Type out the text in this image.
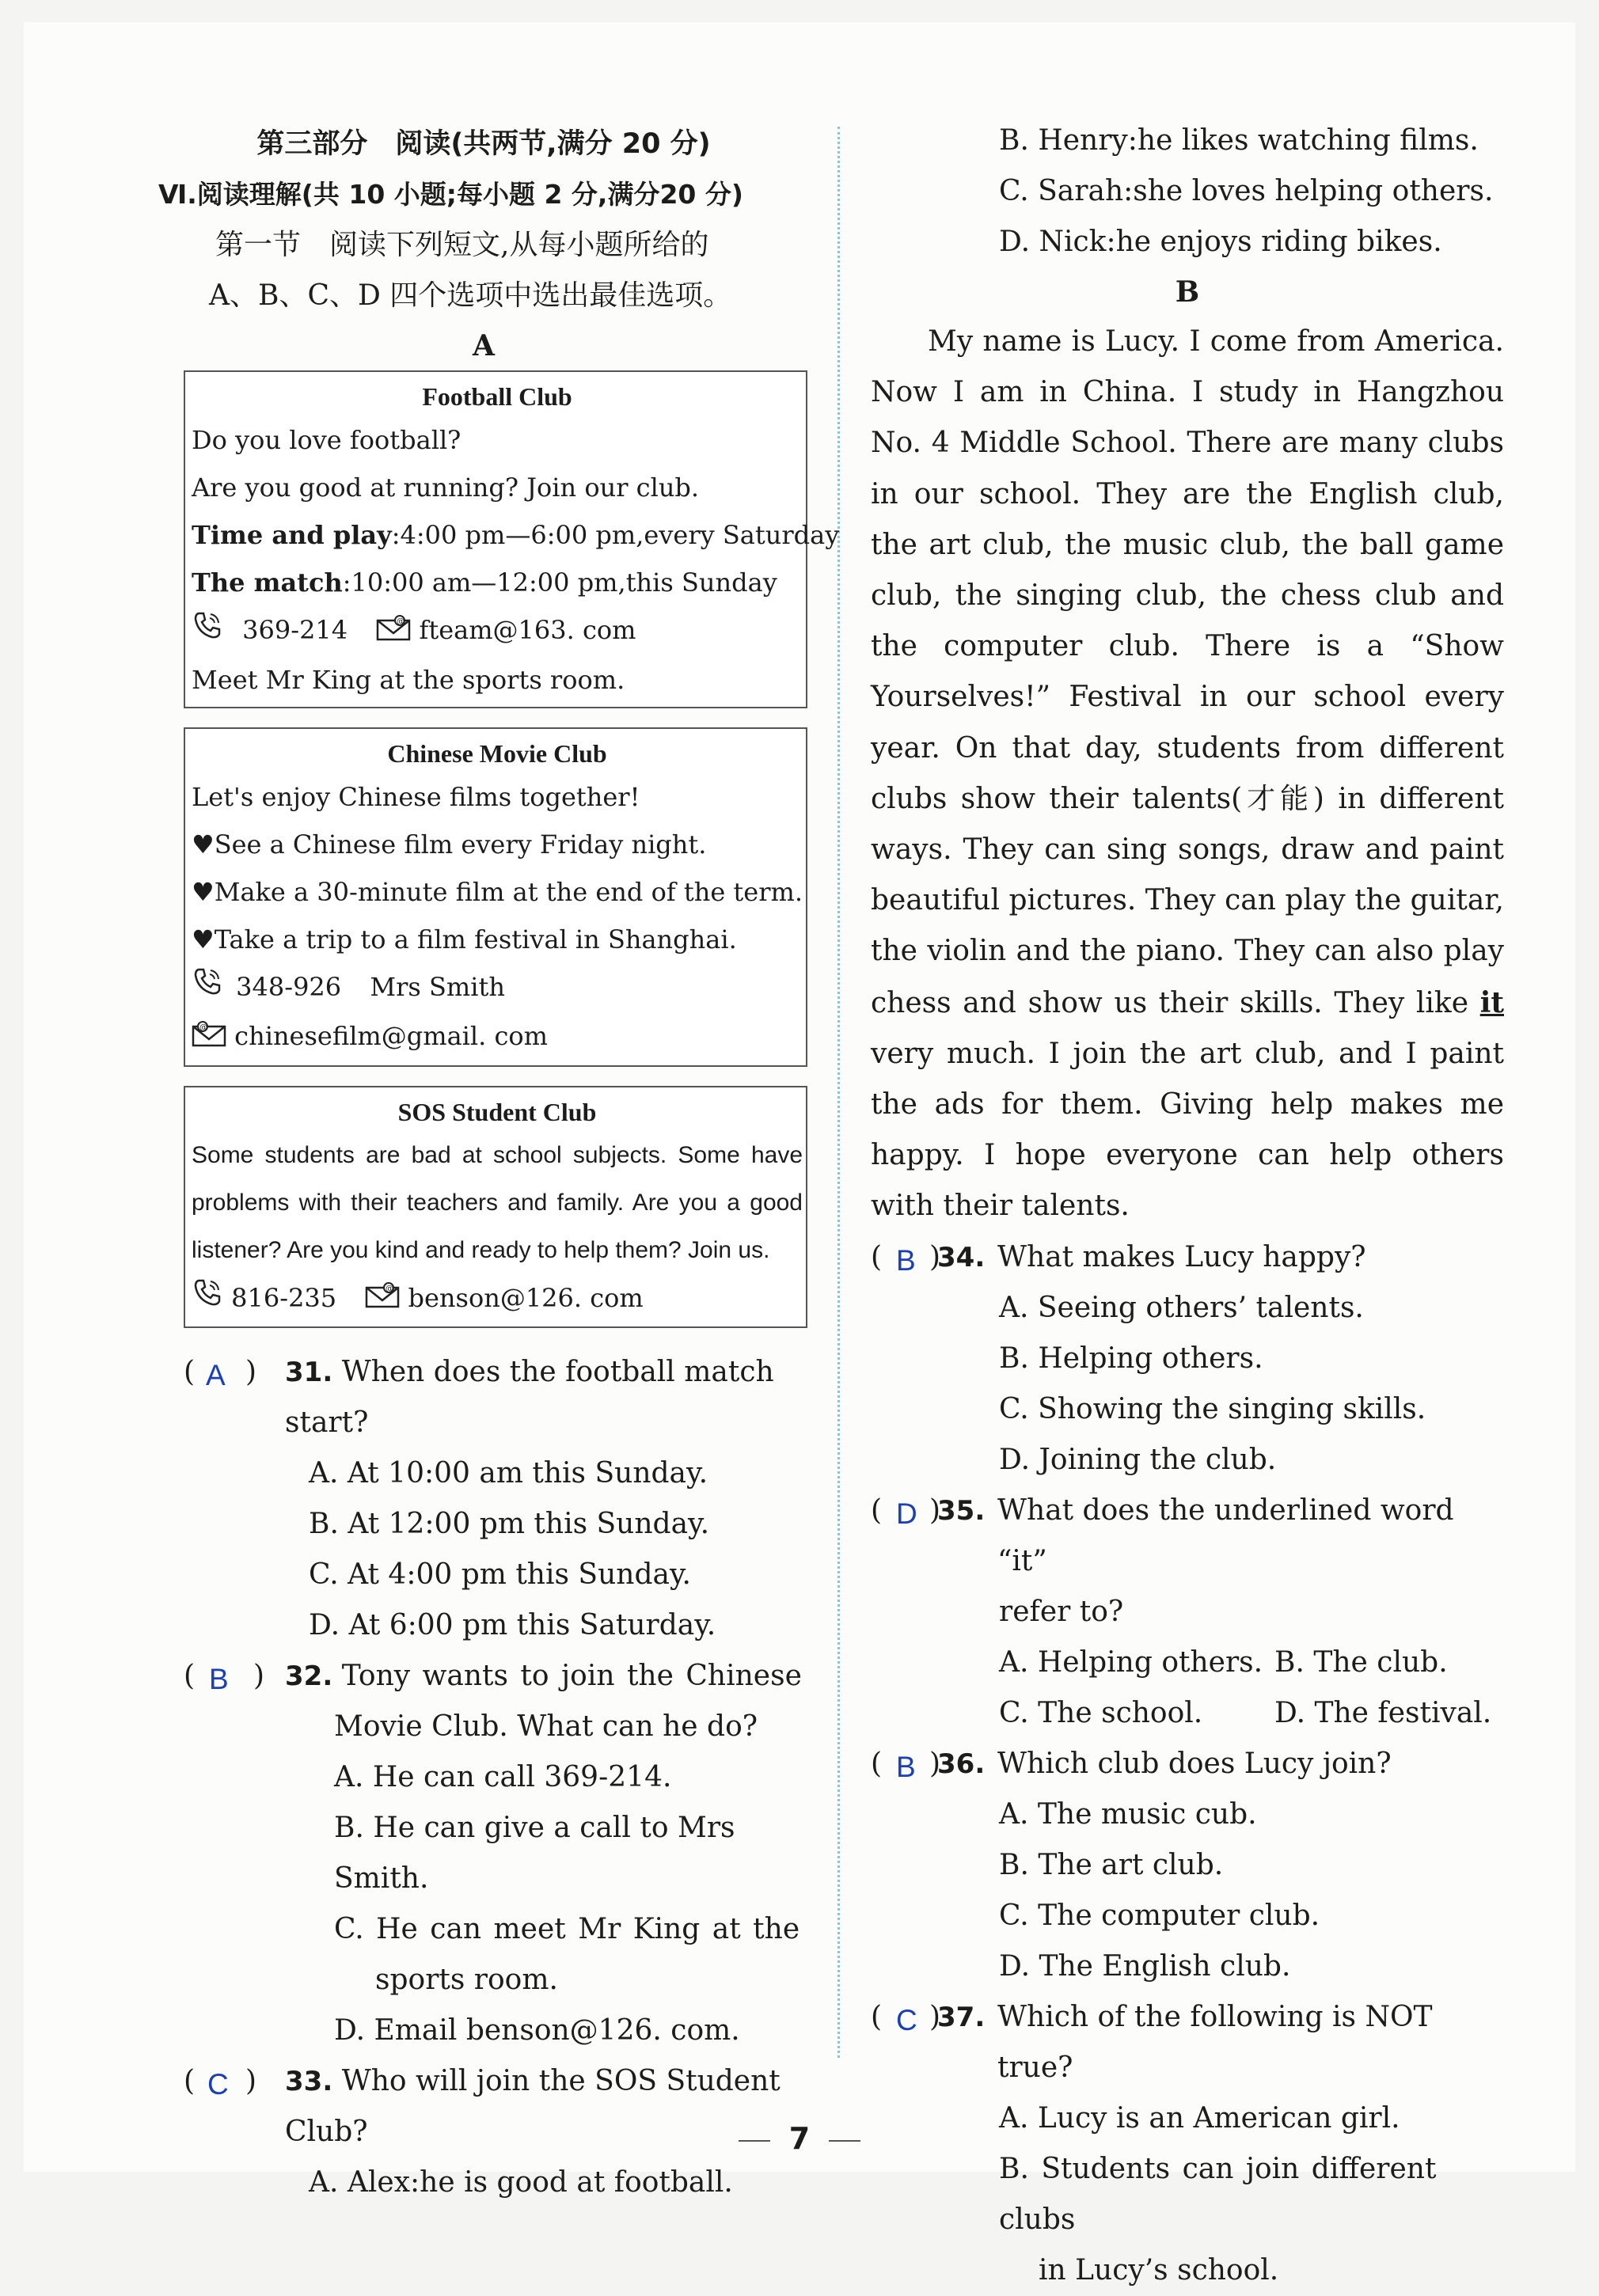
第三部分　阅读(共两节,满分 20 分)
Ⅵ.阅读理解(共 10 小题;每小题 2 分,满分20 分)
第一节　阅读下列短文,从每小题所给的
A、B、C、D 四个选项中选出最佳选项。
A
Football Club
Do you love football?
Are you good at running? Join our club.
Time and play:4:00 pm—6:00 pm,every Saturday
The match:10:00 am—12:00 pm,this Sunday
369-214	@ fteam@163. com
Meet Mr King at the sports room.
Chinese Movie Club
Let's enjoy Chinese films together!
♥See a Chinese film every Friday night.
♥Make a 30-minute film at the end of the term.
♥Take a trip to a film festival in Shanghai.
348-926 Mrs Smith
@ chinesefilm@gmail. com
SOS Student Club
Some students are bad at school subjects. Some have problems with their teachers and family. Are you a good listener? Are you kind and ready to help them? Join us.
816-235	@ benson@126. com
( A ) 31. When does the football match start?
A. At 10:00 am this Sunday.
B. At 12:00 pm this Sunday.
C. At 4:00 pm this Sunday.
D. At 6:00 pm this Saturday.
( B ) 32. Tony wants to join the Chinese
Movie Club. What can he do?
A. He can call 369-214.
B. He can give a call to Mrs Smith.
C. He can meet Mr King at the
sports room.
D. Email benson@126. com.
( C ) 33. Who will join the SOS Student Club?
A. Alex:he is good at football.
B. Henry:he likes watching films.
C. Sarah:she loves helping others.
D. Nick:he enjoys riding bikes.
B
My name is Lucy. I come from America. Now I am in China. I study in Hangzhou No. 4 Middle School. There are many clubs in our school. They are the English club, the art club, the music club, the ball game club, the singing club, the chess club and the computer club. There is a “Show Yourselves!” Festival in our school every year. On that day, students from different clubs show their talents(才能) in different ways. They can sing songs, draw and paint beautiful pictures. They can play the guitar, the violin and the piano. They can also play chess and show us their skills. They like it very much. I join the art club, and I paint the ads for them. Giving help makes me happy. I hope everyone can help others with their talents.
( B )
34. What makes Lucy happy?
A. Seeing others’ talents.
B. Helping others.
C. Showing the singing skills.
D. Joining the club.
( D )
35. What does the underlined word “it”
refer to?
A. Helping others. B. The club.
C. The school.	D. The festival.
( B )
36. Which club does Lucy join?
A. The music cub.
B. The art club.
C. The computer club.
D. The English club.
( C )
37. Which of the following is NOT true?
A. Lucy is an American girl.
B. Students can join different clubs
in Lucy’s school.
7
